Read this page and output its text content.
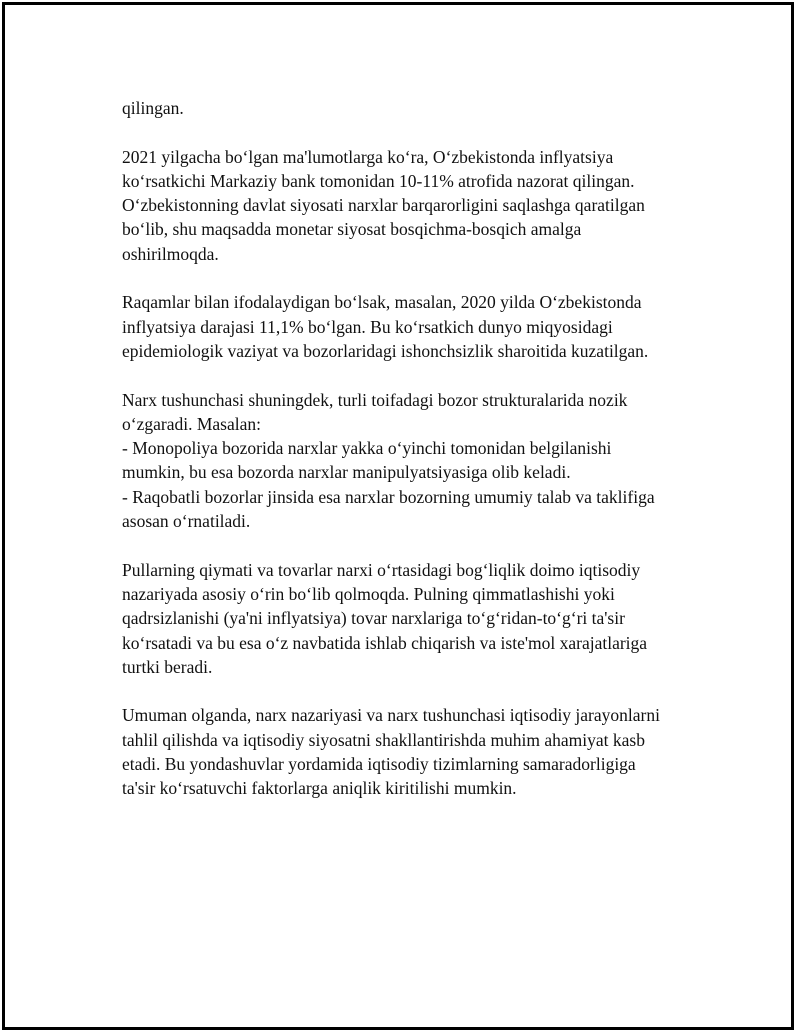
qilingan.

2021 yilgacha boʻlgan ma'lumotlarga koʻra, Oʻzbekistonda inflyatsiya
koʻrsatkichi Markaziy bank tomonidan 10-11% atrofida nazorat qilingan.
Oʻzbekistonning davlat siyosati narxlar barqarorligini saqlashga qaratilgan
boʻlib, shu maqsadda monetar siyosat bosqichma-bosqich amalga
oshirilmoqda.

Raqamlar bilan ifodalaydigan boʻlsak, masalan, 2020 yilda Oʻzbekistonda
inflyatsiya darajasi 11,1% boʻlgan. Bu koʻrsatkich dunyo miqyosidagi
epidemiologik vaziyat va bozorlaridagi ishonchsizlik sharoitida kuzatilgan.

Narx tushunchasi shuningdek, turli toifadagi bozor strukturalarida nozik
oʻzgaradi. Masalan:
- Monopoliya bozorida narxlar yakka oʻyinchi tomonidan belgilanishi
mumkin, bu esa bozorda narxlar manipulyatsiyasiga olib keladi.
- Raqobatli bozorlar jinsida esa narxlar bozorning umumiy talab va taklifiga
asosan oʻrnatiladi.

Pullarning qiymati va tovarlar narxi oʻrtasidagi bogʻliqlik doimo iqtisodiy
nazariyada asosiy oʻrin boʻlib qolmoqda. Pulning qimmatlashishi yoki
qadrsizlanishi (ya'ni inflyatsiya) tovar narxlariga toʻgʻridan-toʻgʻri ta'sir
koʻrsatadi va bu esa oʻz navbatida ishlab chiqarish va iste'mol xarajatlariga
turtki beradi.

Umuman olganda, narx nazariyasi va narx tushunchasi iqtisodiy jarayonlarni
tahlil qilishda va iqtisodiy siyosatni shakllantirishda muhim ahamiyat kasb
etadi. Bu yondashuvlar yordamida iqtisodiy tizimlarning samaradorligiga
ta'sir koʻrsatuvchi faktorlarga aniqlik kiritilishi mumkin.
